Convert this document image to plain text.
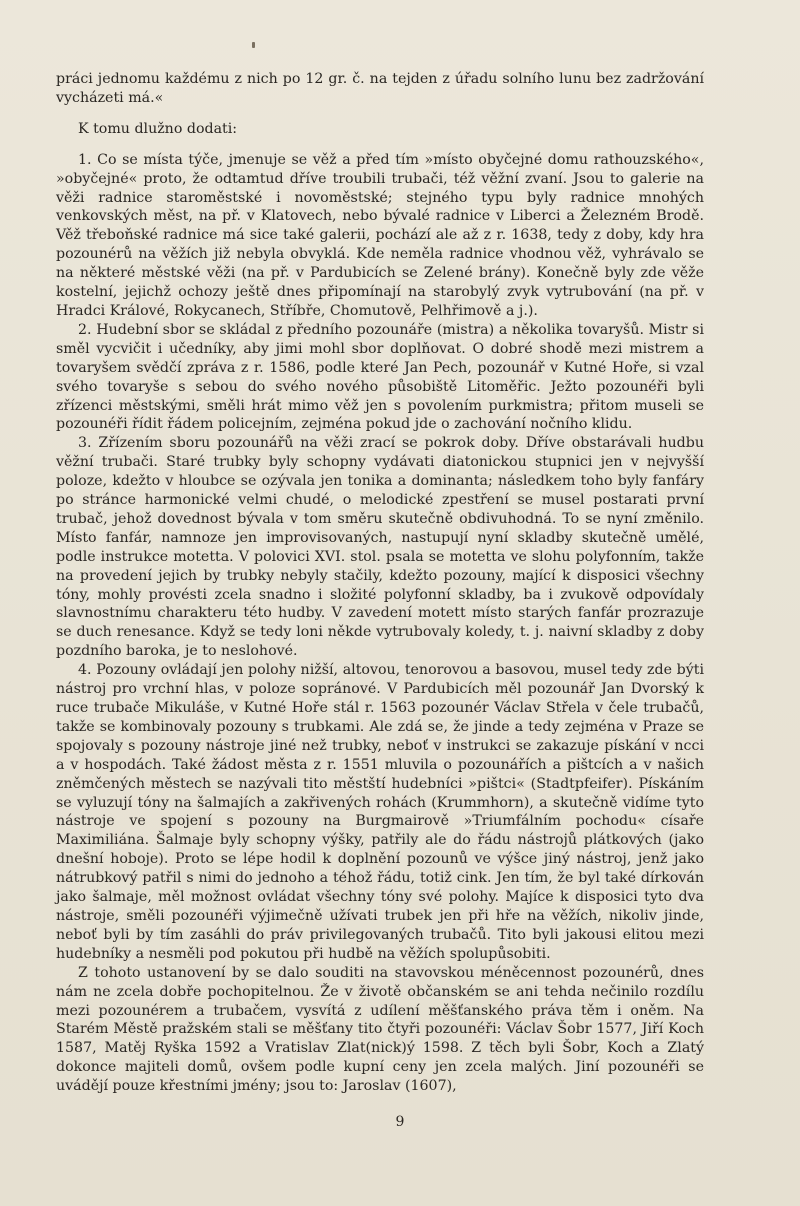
práci jednomu každému z nich po 12 gr. č. na tejden z úřadu solního lunu bez zadržování vycházeti má.«

K tomu dlužno dodati:

1. Co se místa týče, jmenuje se věž a před tím »místo obyčejné domu rathouzského«, »obyčejné« proto, že odtamtud dříve troubili trubači, též věžní zvaní. Jsou to galerie na věži radnice staroměstské i novoměstské; stejného typu byly radnice mnohých venkovských měst, na př. v Klatovech, nebo bývalé radnice v Liberci a Železném Brodě. Věž třeboňské radnice má sice také galerii, pochází ale až z r. 1638, tedy z doby, kdy hra pozounérů na věžích již nebyla obvyklá. Kde neměla radnice vhodnou věž, vyhrávalo se na některé městské věži (na př. v Pardubicích se Zelené brány). Konečně byly zde věže kostelní, jejichž ochozy ještě dnes připomínají na starobylý zvyk vytrubování (na př. v Hradci Králové, Rokycanech, Stříbře, Chomutově, Pelhřimově a j.).

2. Hudební sbor se skládal z předního pozounáře (mistra) a několika tovaryšů. Mistr si směl vycvičit i učedníky, aby jimi mohl sbor doplňovat. O dobré shodě mezi mistrem a tovaryšem svědčí zpráva z r. 1586, podle které Jan Pech, pozounář v Kutné Hoře, si vzal svého tovaryše s sebou do svého nového působiště Litoměřic. Ježto pozounéři byli zřízenci městskými, směli hrát mimo věž jen s povolením purkmistra; přitom museli se pozounéři řídit řádem policejním, zejména pokud jde o zachování nočního klidu.

3. Zřízením sboru pozounářů na věži zrací se pokrok doby. Dříve obstarávali hudbu věžní trubači. Staré trubky byly schopny vydávati diatonickou stupnici jen v nejvyšší poloze, kdežto v hloubce se ozývala jen tonika a dominanta; následkem toho byly fanfáry po stránce harmonické velmi chudé, o melodické zpestření se musel postarati první trubač, jehož dovednost bývala v tom směru skutečně obdivuhodná. To se nyní změnilo. Místo fanfár, namnoze jen improvisovaných, nastupují nyní skladby skutečně umělé, podle instrukce motetta. V polovici XVI. stol. psala se motetta ve slohu polyfonním, takže na provedení jejich by trubky nebyly stačily, kdežto pozouny, mající k disposici všechny tóny, mohly provésti zcela snadno i složité polyfonní skladby, ba i zvukově odpovídaly slavnostnímu charakteru této hudby. V zavedení motett místo starých fanfár prozrazuje se duch renesance. Když se tedy loni někde vytrubovaly koledy, t. j. naivní skladby z doby pozdního baroka, je to neslohové.

4. Pozouny ovládají jen polohy nižší, altovou, tenorovou a basovou, musel tedy zde býti nástroj pro vrchní hlas, v poloze sopránové. V Pardubicích měl pozounář Jan Dvorský k ruce trubače Mikuláše, v Kutné Hoře stál r. 1563 pozounér Václav Střela v čele trubačů, takže se kombinovaly pozouny s trubkami. Ale zdá se, že jinde a tedy zejména v Praze se spojovaly s pozouny nástroje jiné než trubky, neboť v instrukci se zakazuje pískání v ncci a v hospodách. Také žádost města z r. 1551 mluvila o pozounářích a pištcích a v našich zněmčených městech se nazývali tito městští hudebníci »pištci« (Stadtpfeifer). Pískáním se vyluzují tóny na šalmajích a zakřivených rohách (Krummhorn), a skutečně vidíme tyto nástroje ve spojení s pozouny na Burgmairově »Triumfálním pochodu« císaře Maximiliána. Šalmaje byly schopny výšky, patřily ale do řádu nástrojů plátkových (jako dnešní hoboje). Proto se lépe hodil k doplnění pozounů ve výšce jiný nástroj, jenž jako nátrubkový patřil s nimi do jednoho a téhož řádu, totiž cink. Jen tím, že byl také dírkován jako šalmaje, měl možnost ovládat všechny tóny své polohy. Majíce k disposici tyto dva nástroje, směli pozounéři výjimečně užívati trubek jen při hře na věžích, nikoliv jinde, neboť byli by tím zasáhli do práv privilegovaných trubačů. Tito byli jakousi elitou mezi hudebníky a nesměli pod pokutou při hudbě na věžích spolupůsobiti.

Z tohoto ustanovení by se dalo souditi na stavovskou méněcennost pozounérů, dnes nám ne zcela dobře pochopitelnou. Že v životě občanském se ani tehda nečinilo rozdílu mezi pozounérem a trubačem, vysvítá z udílení měšťanského práva těm i oněm. Na Starém Městě pražském stali se měšťany tito čtyři pozounéři: Václav Šobr 1577, Jiří Koch 1587, Matěj Ryška 1592 a Vratislav Zlat(nick)ý 1598. Z těch byli Šobr, Koch a Zlatý dokonce majiteli domů, ovšem podle kupní ceny jen zcela malých. Jiní pozounéři se uvádějí pouze křestními jmény; jsou to: Jaroslav (1607),

9
